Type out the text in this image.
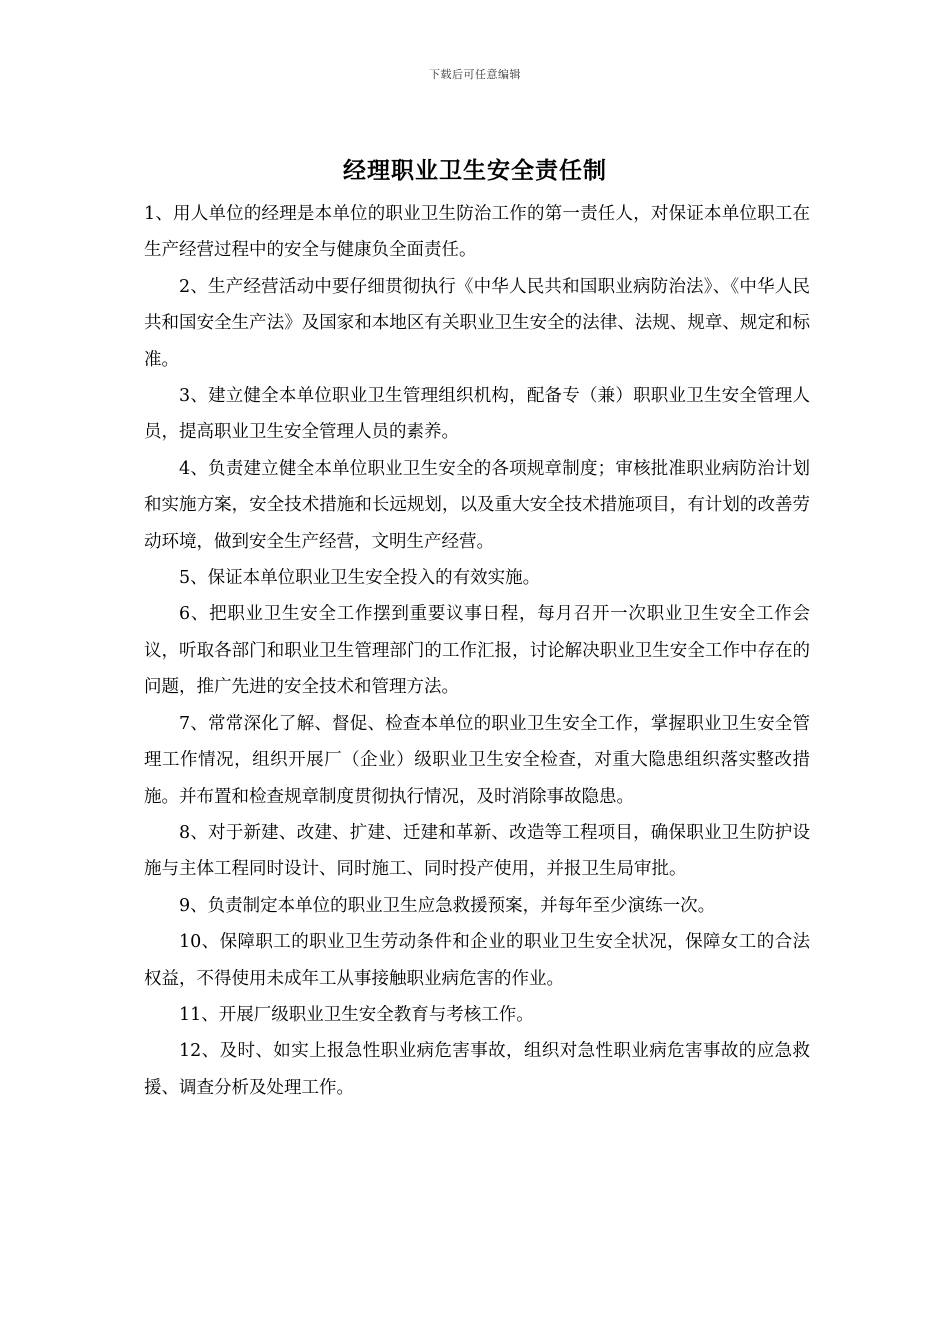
下载后可任意编辑
经理职业卫生安全责任制

1、用人单位的经理是本单位的职业卫生防治工作的第一责任人，对保证本单位职工在生产经营过程中的安全与健康负全面责任。

2、生产经营活动中要仔细贯彻执行《中华人民共和国职业病防治法》、《中华人民共和国安全生产法》及国家和本地区有关职业卫生安全的法律、法规、规章、规定和标准。

3、建立健全本单位职业卫生管理组织机构，配备专（兼）职职业卫生安全管理人员，提高职业卫生安全管理人员的素养。

4、负责建立健全本单位职业卫生安全的各项规章制度；审核批准职业病防治计划和实施方案，安全技术措施和长远规划，以及重大安全技术措施项目，有计划的改善劳动环境，做到安全生产经营，文明生产经营。

5、保证本单位职业卫生安全投入的有效实施。

6、把职业卫生安全工作摆到重要议事日程，每月召开一次职业卫生安全工作会议，听取各部门和职业卫生管理部门的工作汇报，讨论解决职业卫生安全工作中存在的问题，推广先进的安全技术和管理方法。

7、常常深化了解、督促、检查本单位的职业卫生安全工作，掌握职业卫生安全管理工作情况，组织开展厂（企业）级职业卫生安全检查，对重大隐患组织落实整改措施。并布置和检查规章制度贯彻执行情况，及时消除事故隐患。

8、对于新建、改建、扩建、迁建和革新、改造等工程项目，确保职业卫生防护设施与主体工程同时设计、同时施工、同时投产使用，并报卫生局审批。

9、负责制定本单位的职业卫生应急救援预案，并每年至少演练一次。

10、保障职工的职业卫生劳动条件和企业的职业卫生安全状况，保障女工的合法权益，不得使用未成年工从事接触职业病危害的作业。

11、开展厂级职业卫生安全教育与考核工作。

12、及时、如实上报急性职业病危害事故，组织对急性职业病危害事故的应急救援、调查分析及处理工作。
